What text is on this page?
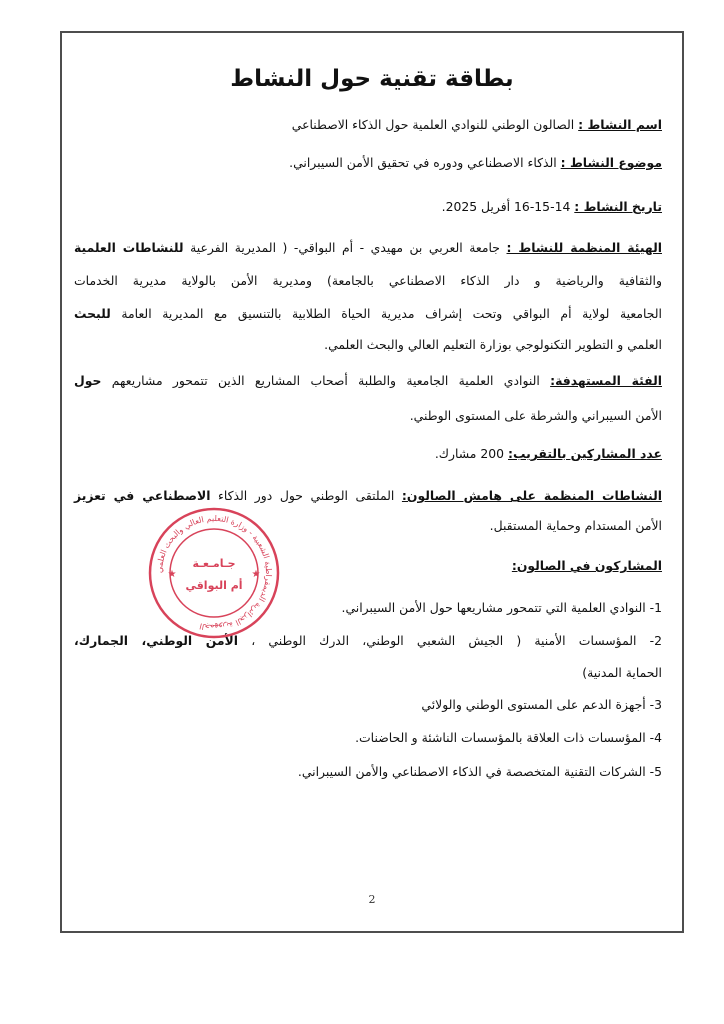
بطاقة تقنية حول النشاط
اسم النشاط : الصالون الوطني للنوادي العلمية حول الذكاء الاصطناعي
موضوع النشاط : الذكاء الاصطناعي ودوره في تحقيق الأمن السيبراني.
تاريخ النشاط : 14-15-16 أفريل 2025.
الهيئة المنظمة للنشاط : جامعة العربي بن مهيدي - أم البواقي- ( المديرية الفرعية للنشاطات العلمية
والثقافية والرياضية و دار الذكاء الاصطناعي بالجامعة) ومديرية الأمن بالولاية مديرية الخدمات
الجامعية لولاية أم البواقي وتحت إشراف مديرية الحياة الطلابية بالتنسيق مع المديرية العامة للبحث
العلمي و التطوير التكنولوجي بوزارة التعليم العالي والبحث العلمي.
الفئة المستهدفة: النوادي العلمية الجامعية والطلبة أصحاب المشاريع الذين تتمحور مشاريعهم حول
الأمن السيبراني والشرطة على المستوى الوطني.
عدد المشاركين بالتقريب: 200 مشارك.
النشاطات المنظمة على هامش الصالون: الملتقى الوطني حول دور الذكاء الاصطناعي في تعزيز
الأمن المستدام وحماية المستقبل.
المشاركون في الصالون:
1- النوادي العلمية التي تتمحور مشاريعها حول الأمن السيبراني.
2- المؤسسات الأمنية ( الجيش الشعبي الوطني، الدرك الوطني ، الأمن الوطني، الجمارك،
الحماية المدنية)
3- أجهزة الدعم على المستوى الوطني والولائي
4- المؤسسات ذات العلاقة بالمؤسسات الناشئة و الحاضنات.
5- الشركات التقنية المتخصصة في الذكاء الاصطناعي والأمن السيبراني.
الجمهورية الجزائرية الديمقراطية الشعبية - وزارة التعليم العالي والبحث العلمي
جـامـعـة
أم البواقي
★	★
2
